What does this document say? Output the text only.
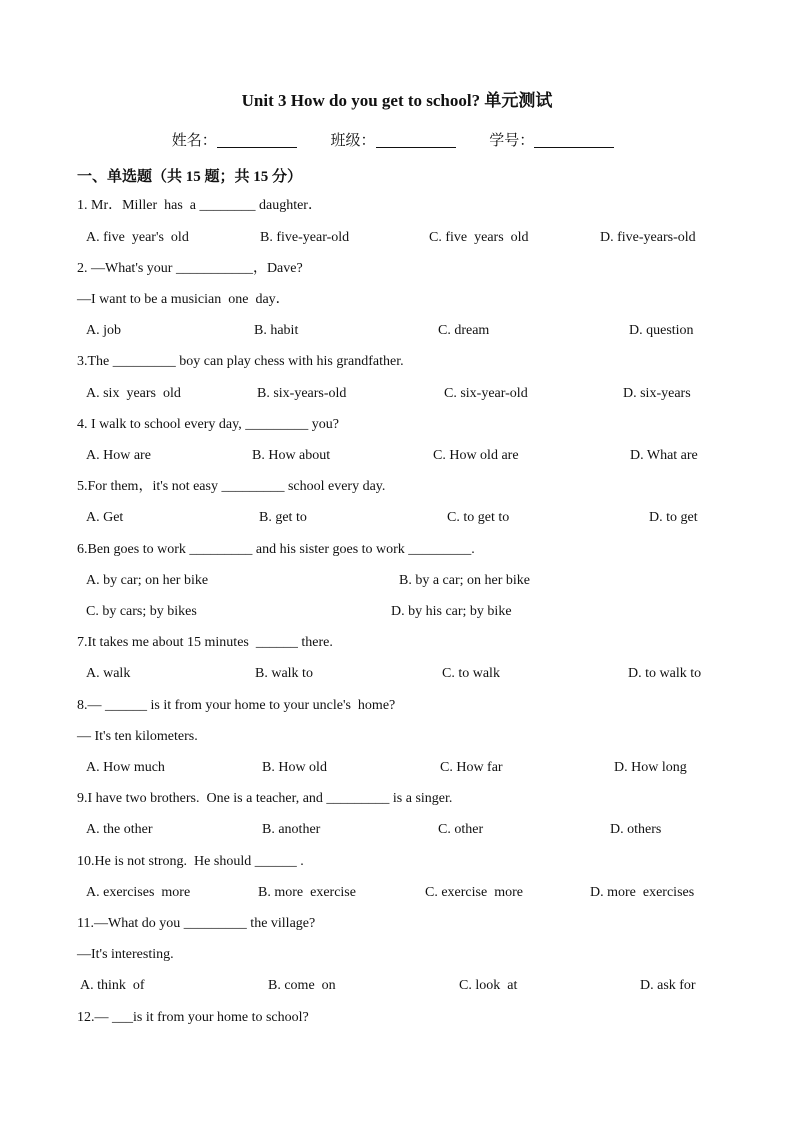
Unit 3 How do you get to school? 单元测试
姓名：	班级：	学号：
一、单选题（共 15 题；共 15 分）
1. Mr．Miller  has  a ________ daughter．
A. five  year's  old	B. five-year-old	C. five  years  old	D. five-years-old
2. —What's your ___________，Dave?
—I want to be a musician  one  day．
A. job	B. habit	C. dream	D. question
3.The _________ boy can play chess with his grandfather.
A. six  years  old	B. six-years-old	C. six-year-old	D. six-years
4. I walk to school every day, _________ you?
A. How are	B. How about	C. How old are	D. What are
5.For them，it's not easy _________ school every day.
A. Get	B. get to	C. to get to	D. to get
6.Ben goes to work _________ and his sister goes to work _________.
A. by car; on her bike	B. by a car; on her bike
C. by cars; by bikes	D. by his car; by bike
7.It takes me about 15 minutes  ______ there.
A. walk	B. walk to	C. to walk	D. to walk to
8.— ______ is it from your home to your uncle's  home?
— It's ten kilometers.
A. How much	B. How old	C. How far	D. How long
9.I have two brothers.  One is a teacher, and _________ is a singer.
A. the other	B. another	C. other	D. others
10.He is not strong.  He should ______ .
A. exercises  more	B. more  exercise	C. exercise  more	D. more  exercises
11.—What do you _________ the village?
—It's interesting.
A. think  of	B. come  on	C. look  at	D. ask for
12.— ___is it from your home to school?
